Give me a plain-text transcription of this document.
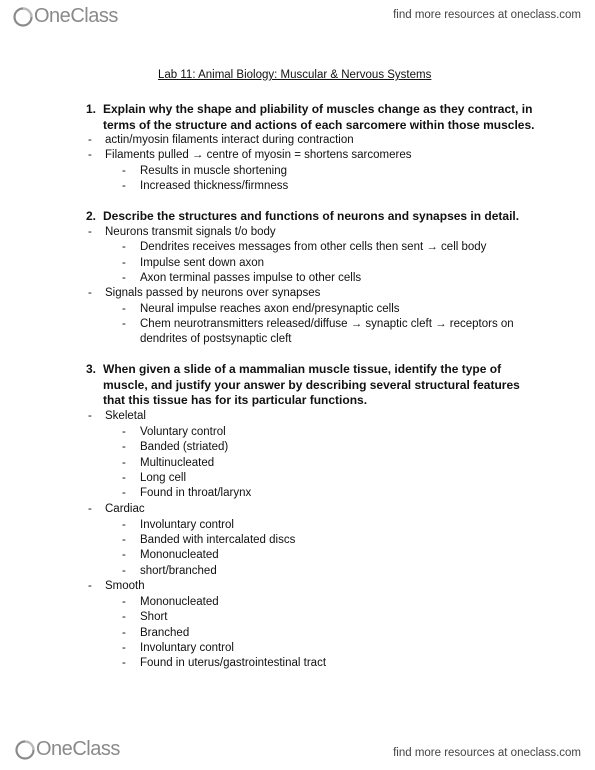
OneClass	find more resources at oneclass.com
Lab 11: Animal Biology: Muscular & Nervous Systems
1. Explain why the shape and pliability of muscles change as they contract, in terms of the structure and actions of each sarcomere within those muscles.
- actin/myosin filaments interact during contraction
- Filaments pulled → centre of myosin = shortens sarcomeres
- Results in muscle shortening
- Increased thickness/firmness
2. Describe the structures and functions of neurons and synapses in detail.
- Neurons transmit signals t/o body
- Dendrites receives messages from other cells then sent → cell body
- Impulse sent down axon
- Axon terminal passes impulse to other cells
- Signals passed by neurons over synapses
- Neural impulse reaches axon end/presynaptic cells
- Chem neurotransmitters released/diffuse → synaptic cleft → receptors on
dendrites of postsynaptic cleft
3. When given a slide of a mammalian muscle tissue, identify the type of muscle, and justify your answer by describing several structural features that this tissue has for its particular functions.
- Skeletal
- Voluntary control
- Banded (striated)
- Multinucleated
- Long cell
- Found in throat/larynx
- Cardiac
- Involuntary control
- Banded with intercalated discs
- Mononucleated
- short/branched
- Smooth
- Mononucleated
- Short
- Branched
- Involuntary control
- Found in uterus/gastrointestinal tract
OneClass	find more resources at oneclass.com
